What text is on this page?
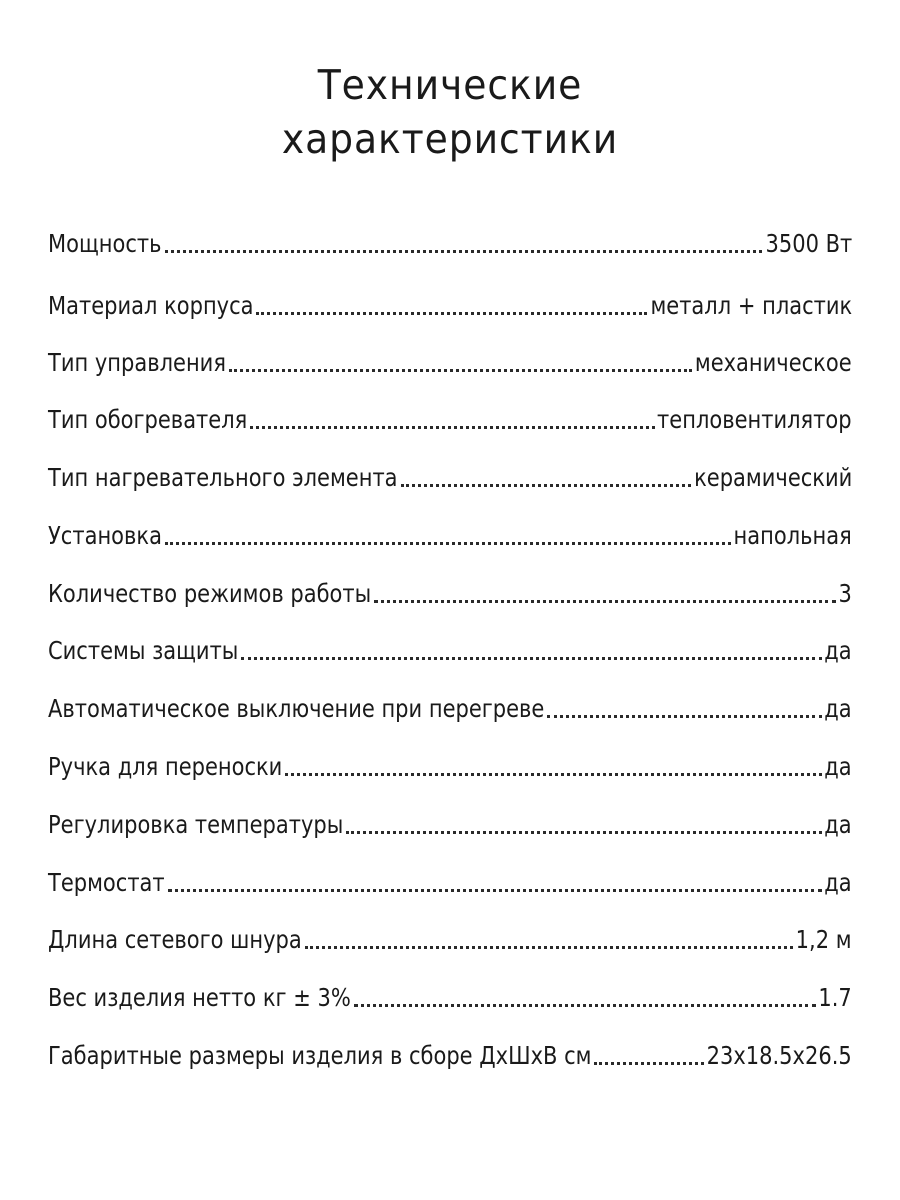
Технические
характеристики
Мощность	3500 Вт
Материал корпуса	металл + пластик
Тип управления	механическое
Тип обогревателя	тепловентилятор
Тип нагревательного элемента	керамический
Установка	напольная
Количество режимов работы	3
Системы защиты	да
Автоматическое выключение при перегреве	да
Ручка для переноски	да
Регулировка температуры	да
Термостат	да
Длина сетевого шнура	1,2 м
Вес изделия нетто кг ± 3%	1.7
Габаритные размеры изделия в сборе ДхШхВ см	23x18.5x26.5
